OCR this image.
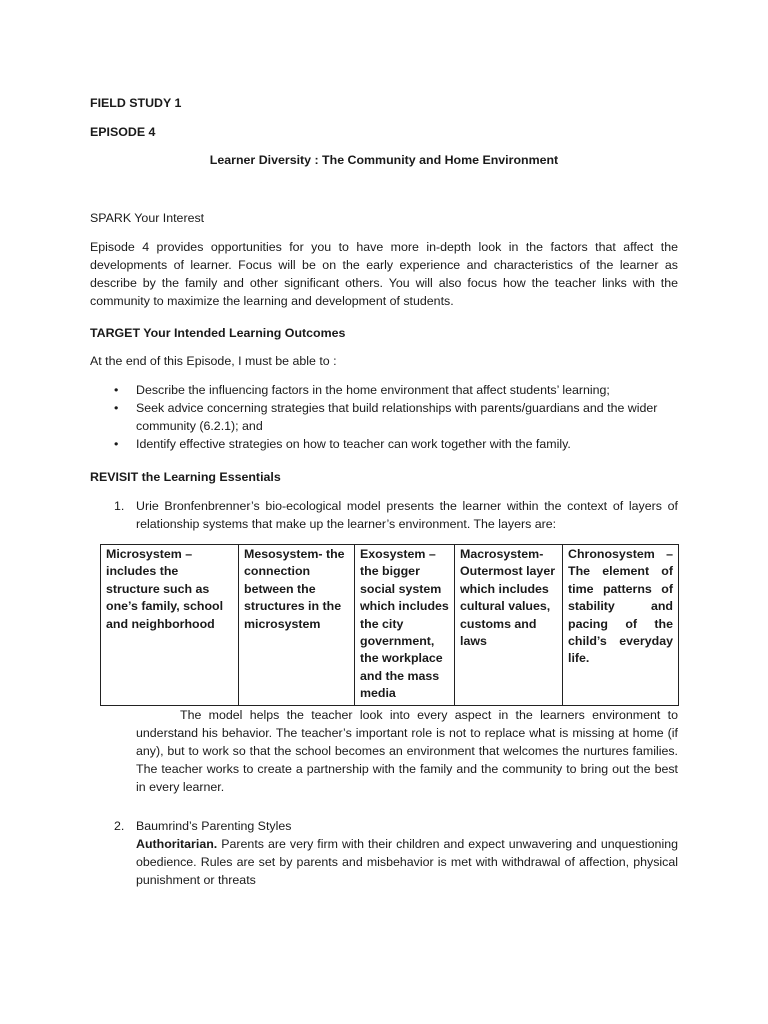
FIELD STUDY 1
EPISODE 4
Learner Diversity : The Community and Home Environment
SPARK Your Interest
Episode 4 provides opportunities for you to have more in-depth look in the factors that affect the developments of learner. Focus will be on the early experience and characteristics of the learner as describe by the family and other significant others. You will also focus how the teacher links with the community to maximize the learning and development of students.
TARGET Your Intended Learning Outcomes
At the end of this Episode, I must be able to :
• Describe the influencing factors in the home environment that affect students’ learning;
• Seek advice concerning strategies that build relationships with parents/guardians and the wider community (6.2.1); and
• Identify effective strategies on how to teacher can work together with the family.
REVISIT the Learning Essentials
1. Urie Bronfenbrenner’s bio-ecological model presents the learner within the context of layers of relationship systems that make up the learner’s environment. The layers are:
Microsystem – includes the structure such as one’s family, school and neighborhood	Mesosystem- the connection between the structures in the microsystem	Exosystem – the bigger social system which includes the city government, the workplace and the mass media	Macrosystem- Outermost layer which includes cultural values, customs and laws	Chronosystem – The element of time patterns of stability and pacing of the child’s everyday life.
The model helps the teacher look into every aspect in the learners environment to understand his behavior. The teacher’s important role is not to replace what is missing at home (if any), but to work so that the school becomes an environment that welcomes the nurtures families. The teacher works to create a partnership with the family and the community to bring out the best in every learner.
2. Baumrind’s Parenting Styles
Authoritarian. Parents are very firm with their children and expect unwavering and unquestioning obedience. Rules are set by parents and misbehavior is met with withdrawal of affection, physical punishment or threats
